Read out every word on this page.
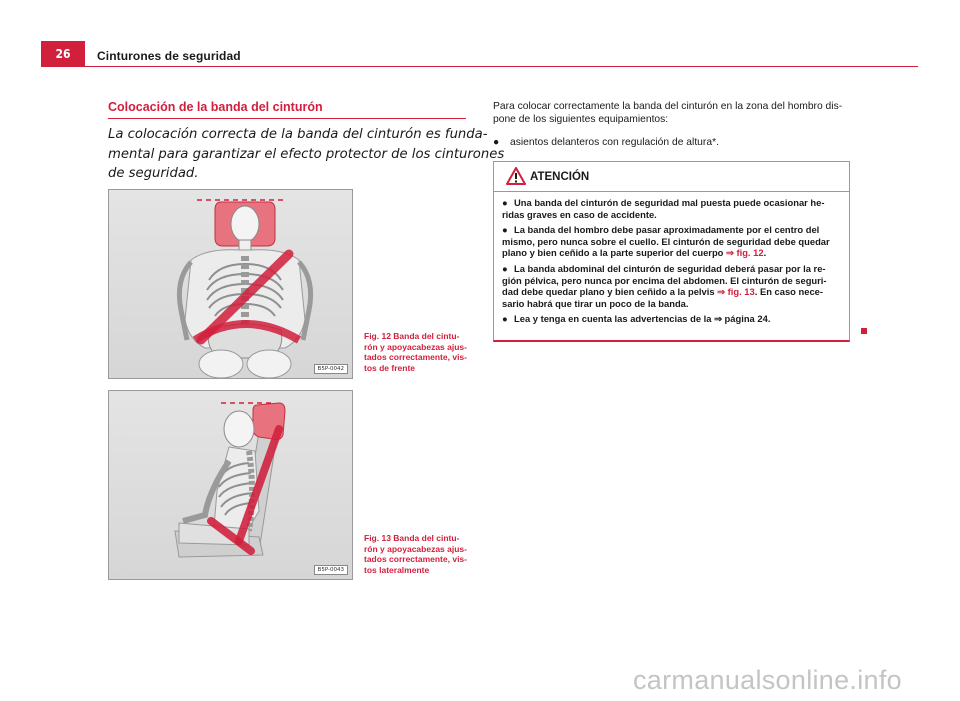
26 Cinturones de seguridad
Colocación de la banda del cinturón
La colocación correcta de la banda del cinturón es funda-
mental para garantizar el efecto protector de los cinturones
de seguridad.
B5P-0042
Fig. 12 Banda del cintu-
rón y apoyacabezas ajus-
tados correctamente, vis-
tos de frente
B5P-0043
Fig. 13 Banda del cintu-
rón y apoyacabezas ajus-
tados correctamente, vis-
tos lateralmente
Para colocar correctamente la banda del cinturón en la zona del hombro dis-
pone de los siguientes equipamientos:
● asientos delanteros con regulación de altura*.
ATENCIÓN
● Una banda del cinturón de seguridad mal puesta puede ocasionar he-
ridas graves en caso de accidente.
● La banda del hombro debe pasar aproximadamente por el centro del
mismo, pero nunca sobre el cuello. El cinturón de seguridad debe quedar
plano y bien ceñido a la parte superior del cuerpo ⇒ fig. 12.
● La banda abdominal del cinturón de seguridad deberá pasar por la re-
gión pélvica, pero nunca por encima del abdomen. El cinturón de seguri-
dad debe quedar plano y bien ceñido a la pelvis ⇒ fig. 13. En caso nece-
sario habrá que tirar un poco de la banda.
● Lea y tenga en cuenta las advertencias de la ⇒ página 24.
carmanualsonline.info
